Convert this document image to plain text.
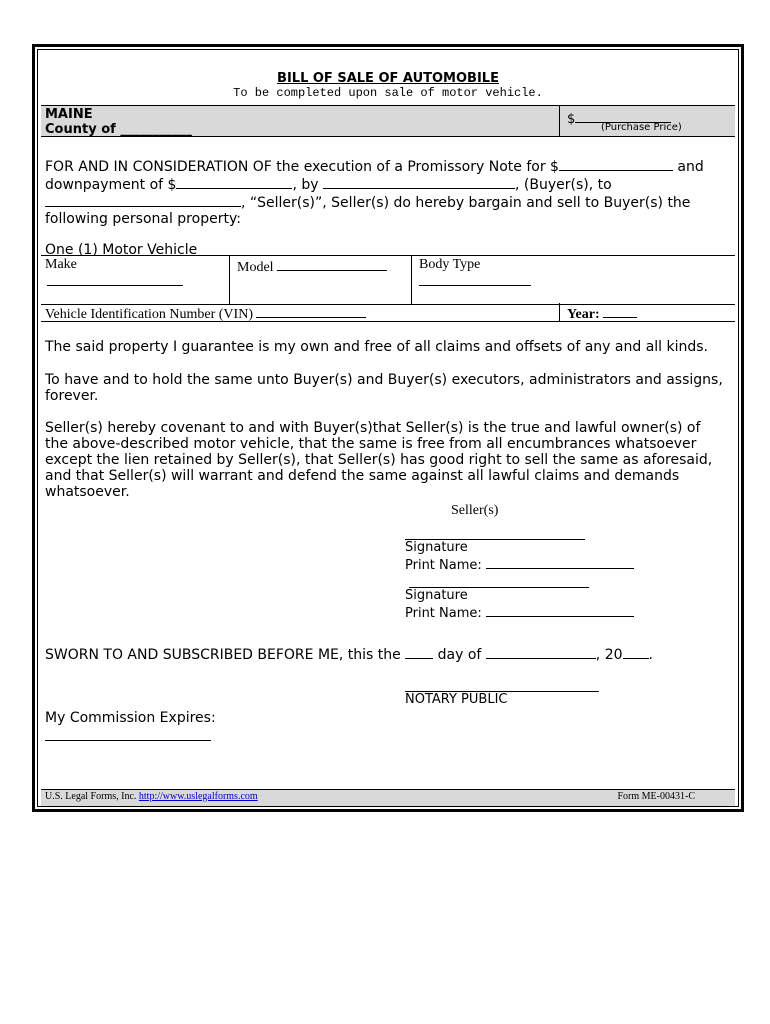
BILL OF SALE OF AUTOMOBILE
To be completed upon sale of motor vehicle.
MAINE
County of ___________
$
(Purchase Price)
FOR AND IN CONSIDERATION OF the execution of a Promissory Note for $	and
downpayment of $	, by	, (Buyer(s), to
, “Seller(s)”, Seller(s) do hereby bargain and sell to Buyer(s) the
following personal property:
One (1) Motor Vehicle
Make	Model	Body Type
Vehicle Identification Number (VIN)	Year:
The said property I guarantee is my own and free of all claims and offsets of any and all kinds.
To have and to hold the same unto Buyer(s) and Buyer(s) executors, administrators and assigns, forever.
Seller(s) hereby covenant to and with Buyer(s)that Seller(s) is the true and lawful owner(s) of the above-described motor vehicle, that the same is free from all encumbrances whatsoever except the lien retained by Seller(s), that Seller(s) has good right to sell the same as aforesaid, and that Seller(s) will warrant and defend the same against all lawful claims and demands whatsoever.
Seller(s)
Signature
Print Name:
Signature
Print Name:
SWORN TO AND SUBSCRIBED BEFORE ME, this the  day of	, 20 .
NOTARY PUBLIC
My Commission Expires:
U.S. Legal Forms, Inc. http://www.uslegalforms.com	Form ME-00431-C
